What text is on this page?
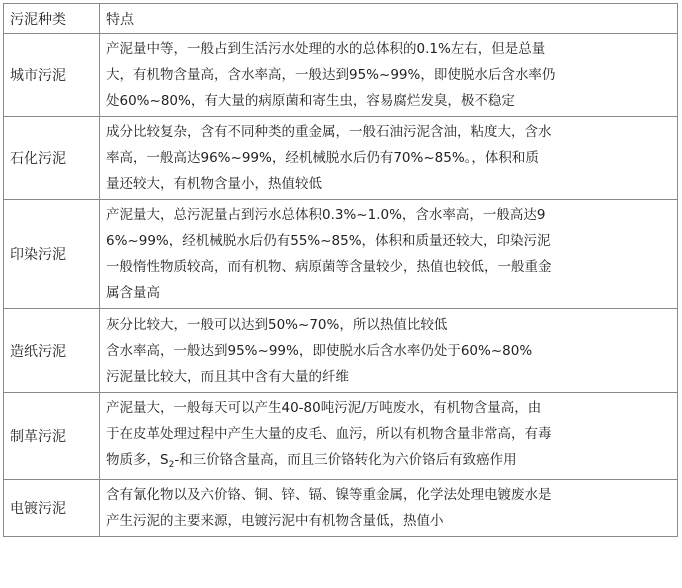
污泥种类	特点
城市污泥	产泥量中等，一般占到生活污水处理的水的总体积的0.1%左右，但是总量
大，有机物含量高，含水率高，一般达到95%~99%，即使脱水后含水率仍
处60%~80%，有大量的病原菌和寄生虫，容易腐烂发臭，极不稳定

石化污泥	成分比较复杂，含有不同种类的重金属，一般石油污泥含油，粘度大，含水
率高，一般高达96%~99%，经机械脱水后仍有70%~85%。，体积和质
量还较大，有机物含量小，热值较低

印染污泥	产泥量大，总污泥量占到污水总体积0.3%~1.0%，含水率高，一般高达9
6%~99%，经机械脱水后仍有55%~85%，体积和质量还较大，印染污泥
一般惰性物质较高，而有机物、病原菌等含量较少，热值也较低，一般重金
属含量高

造纸污泥	灰分比较大，一般可以达到50%~70%，所以热值比较低
含水率高，一般达到95%~99%，即使脱水后含水率仍处于60%~80%
污泥量比较大，而且其中含有大量的纤维

制革污泥	产泥量大，一般每天可以产生40-80吨污泥/万吨废水，有机物含量高，由
于在皮革处理过程中产生大量的皮毛、血污，所以有机物含量非常高，有毒
物质多，$S_2-$和三价铬含量高，而且三价铬转化为六价铬后有致癌作用

电镀污泥	含有氰化物以及六价铬、铜、锌、镉、镍等重金属，化学法处理电镀废水是
产生污泥的主要来源，电镀污泥中有机物含量低，热值小
